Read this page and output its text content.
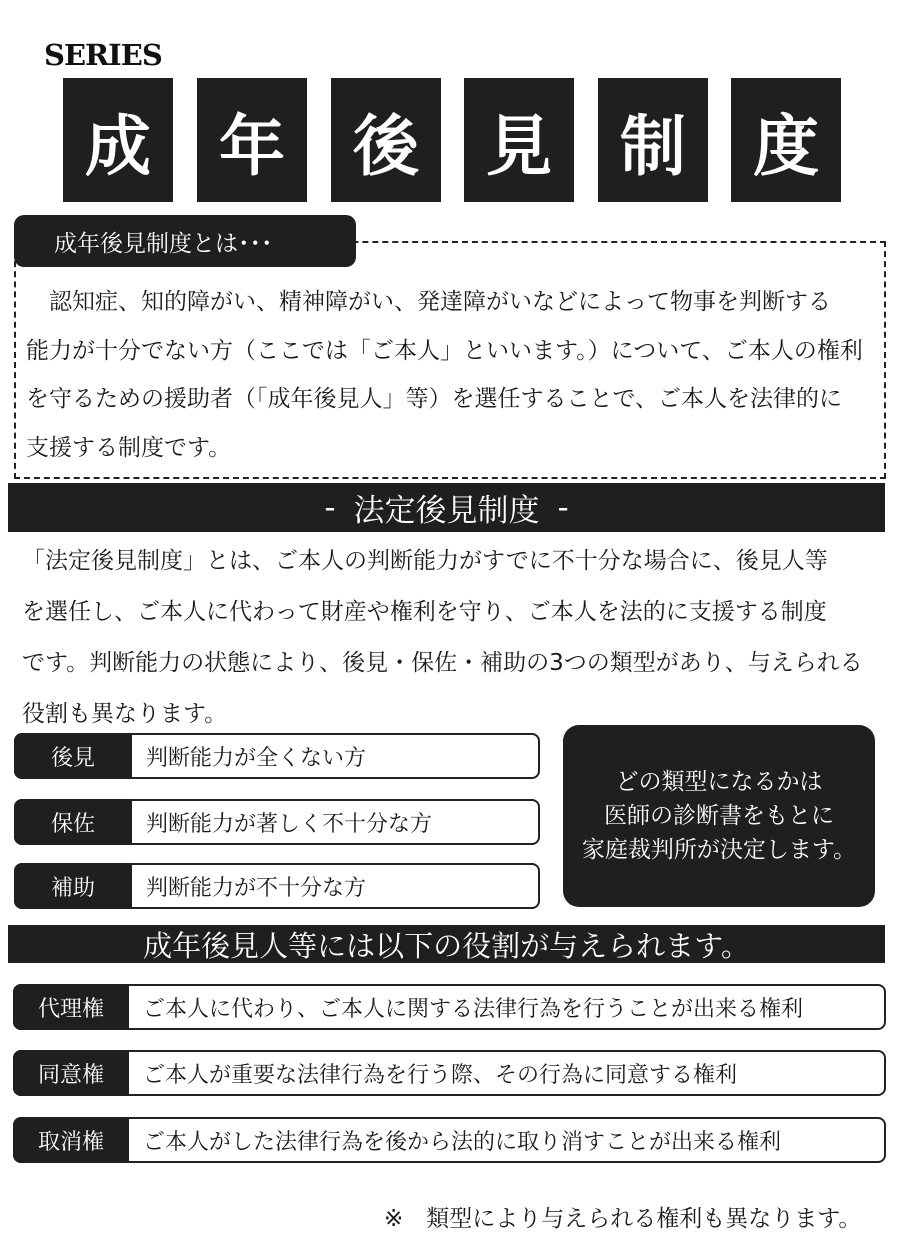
SERIES
成	年	後	見	制	度
成年後見制度とは･･･
　認知症、知的障がい、精神障がい、発達障がいなどによって物事を判断する
能力が十分でない方（ここでは「ご本人」といいます。）について、ご本人の権利
を守るための援助者（「成年後見人」等）を選任することで、ご本人を法律的に
支援する制度です。
- 法定後見制度 -
「法定後見制度」とは、ご本人の判断能力がすでに不十分な場合に、後見人等
を選任し、ご本人に代わって財産や権利を守り、ご本人を法的に支援する制度
です。判断能力の状態により、後見・保佐・補助の3つの類型があり、与えられる
役割も異なります。
後見	判断能力が全くない方
保佐	判断能力が著しく不十分な方
補助	判断能力が不十分な方
どの類型になるかは
医師の診断書をもとに
家庭裁判所が決定します。
成年後見人等には以下の役割が与えられます。
代理権	ご本人に代わり、ご本人に関する法律行為を行うことが出来る権利
同意権	ご本人が重要な法律行為を行う際、その行為に同意する権利
取消権	ご本人がした法律行為を後から法的に取り消すことが出来る権利
※　類型により与えられる権利も異なります。
